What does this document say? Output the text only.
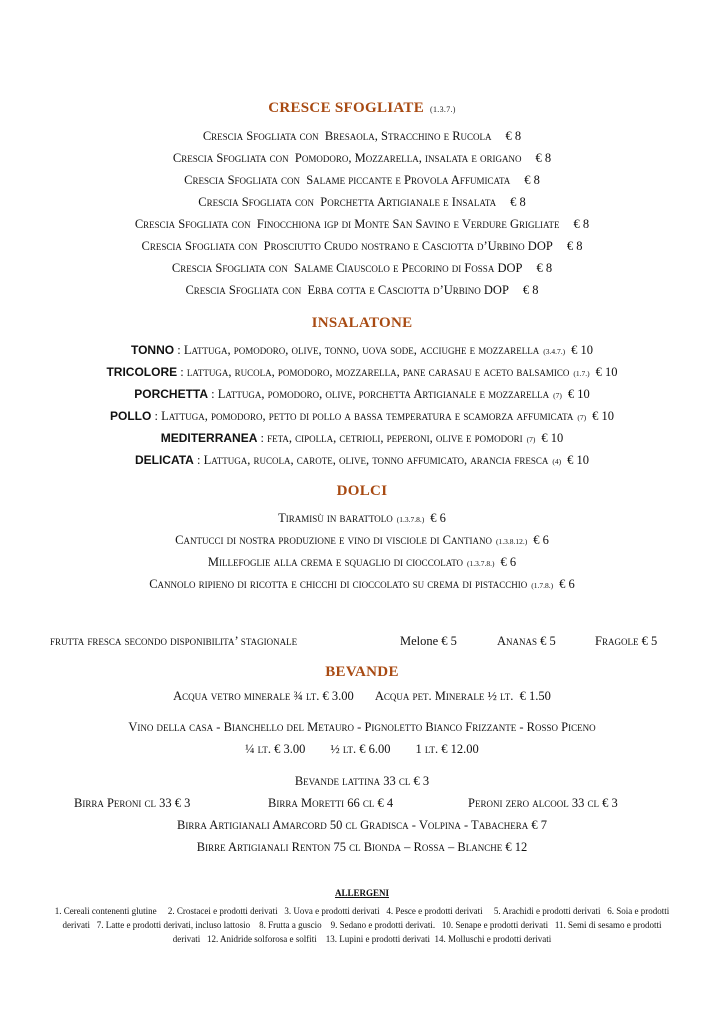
CRESCE SFOGLIATE (1.3.7.)
Crescia Sfogliata con  Bresaola, Stracchino e Rucola € 8
Crescia Sfogliata con  Pomodoro, Mozzarella, insalata e origano € 8
Crescia Sfogliata con  Salame piccante e Provola Affumicata € 8
Crescia Sfogliata con  Porchetta Artigianale e Insalata € 8
Crescia Sfogliata con  Finocchiona igp di Monte San Savino e Verdure Grigliate € 8
Crescia Sfogliata con  Prosciutto Crudo nostrano e Casciotta d’Urbino DOP € 8
Crescia Sfogliata con  Salame Ciauscolo e Pecorino di Fossa DOP € 8
Crescia Sfogliata con  Erba cotta e Casciotta d’Urbino DOP € 8
INSALATONE
TONNO : Lattuga, pomodoro, olive, tonno, uova sode, acciughe e mozzarella (3.4.7.) € 10
TRICOLORE : lattuga, rucola, pomodoro, mozzarella, pane carasau e aceto balsamico (1.7.) € 10
PORCHETTA : Lattuga, pomodoro, olive, porchetta Artigianale e mozzarella (7) € 10
POLLO : Lattuga, pomodoro, petto di pollo a bassa temperatura e scamorza affumicata (7) € 10
MEDITERRANEA : feta, cipolla, cetrioli, peperoni, olive e pomodori (7) € 10
DELICATA : Lattuga, rucola, carote, olive, tonno affumicato, arancia fresca (4) € 10
DOLCI
Tiramisù in barattolo (1.3.7.8.) € 6
Cantucci di nostra produzione e vino di visciole di Cantiano (1.3.8.12.) € 6
Millefoglie alla crema e squaglio di cioccolato (1.3.7.8.) € 6
Cannolo ripieno di ricotta e chicchi di cioccolato su crema di pistacchio (1.7.8.) € 6
frutta fresca secondo disponibilita’ stagionale	Melone € 5	Ananas € 5	Fragole € 5
BEVANDE
Acqua vetro minerale ¾ lt. € 3.00       Acqua pet. Minerale ½ lt.  € 1.50
Vino della casa - Bianchello del Metauro - Pignoletto Bianco Frizzante - Rosso Piceno
¼ lt. € 3.00        ½ lt. € 6.00        1 lt. € 12.00
Bevande lattina 33 cl € 3
Birra Peroni cl 33 € 3	Birra Moretti 66 cl € 4	Peroni zero alcool 33 cl € 3
Birra Artigianali Amarcord 50 cl Gradisca - Volpina - Tabachera € 7
Birre Artigianali Renton 75 cl Bionda – Rossa – Blanche € 12
ALLERGENI
1. Cereali contenenti glutine     2. Crostacei e prodotti derivati   3. Uova e prodotti derivati   4. Pesce e prodotti derivati     5. Arachidi e prodotti derivati   6. Soia e prodotti
derivati   7. Latte e prodotti derivati, incluso lattosio    8. Frutta a guscio    9. Sedano e prodotti derivati.   10. Senape e prodotti derivati   11. Semi di sesamo e prodotti
derivati   12. Anidride solforosa e solfiti    13. Lupini e prodotti derivati  14. Molluschi e prodotti derivati
